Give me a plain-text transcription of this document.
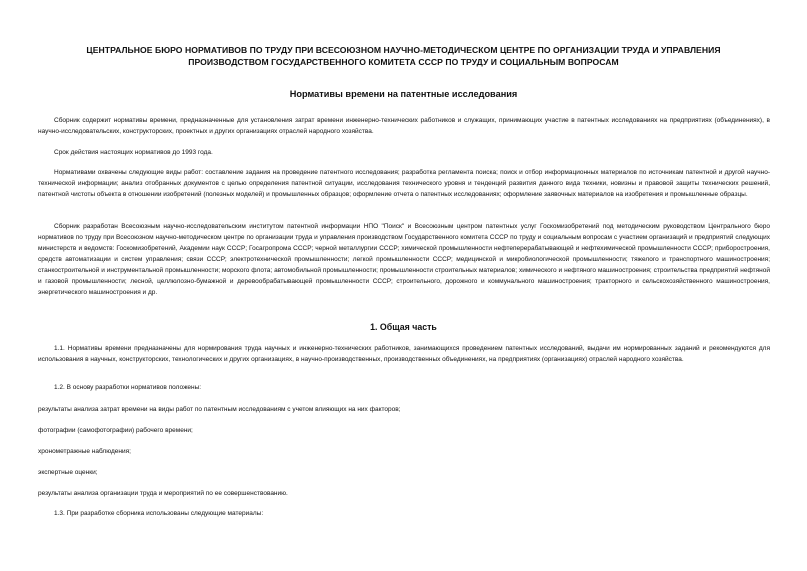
ЦЕНТРАЛЬНОЕ БЮРО НОРМАТИВОВ ПО ТРУДУ ПРИ ВСЕСОЮЗНОМ НАУЧНО-МЕТОДИЧЕСКОМ ЦЕНТРЕ ПО ОРГАНИЗАЦИИ ТРУДА И УПРАВЛЕНИЯ
ПРОИЗВОДСТВОМ ГОСУДАРСТВЕННОГО КОМИТЕТА СССР ПО ТРУДУ И СОЦИАЛЬНЫМ ВОПРОСАМ
Нормативы времени на патентные исследования

Сборник содержит нормативы времени, предназначенные для установления затрат времени инженерно-технических работников и служащих, принимающих участие в патентных исследованиях на предприятиях (объединениях), в научно-исследовательских, конструкторских, проектных и других организациях отраслей народного хозяйства.

Срок действия настоящих нормативов до 1993 года.

Нормативами охвачены следующие виды работ: составление задания на проведение патентного исследования; разработка регламента поиска; поиск и отбор информационных материалов по источникам патентной и другой научно-технической информации; анализ отобранных документов с целью определения патентной ситуации, исследования технического уровня и тенденций развития данного вида техники, новизны и правовой защиты технических решений, патентной чистоты объекта в отношении изобретений (полезных моделей) и промышленных образцов; оформление отчета о патентных исследованиях; оформление заявочных материалов на изобретения и промышленные образцы.

Сборник разработан Всесоюзным научно-исследовательским институтом патентной информации НПО "Поиск" и Всесоюзным центром патентных услуг Госкомизобретений под методическим руководством Центрального бюро нормативов по труду при Всесоюзном научно-методическом центре по организации труда и управления производством Государственного комитета СССР по труду и социальным вопросам с участием организаций и предприятий следующих министерств и ведомств: Госкомизобретений, Академии наук СССР; Госагропрома СССР; черной металлургии СССР; химической промышленности нефтеперерабатывающей и нефтехимической промышленности СССР; приборостроения, средств автоматизации и систем управления; связи СССР; электротехнической промышленности; легкой промышленности СССР; медицинской и микробиологической промышленности; тяжелого и транспортного машиностроения; станкостроительной и инструментальной промышленности; морского флота; автомобильной промышленности; промышленности строительных материалов; химического и нефтяного машиностроения; строительства предприятий нефтяной и газовой промышленности; лесной, целлюлозно-бумажной и деревообрабатывающей промышленности СССР; строительного, дорожного и коммунального машиностроения; тракторного и сельскохозяйственного машиностроения, энергетического машиностроения и др.

1. Общая часть

1.1. Нормативы времени предназначены для нормирования труда научных и инженерно-технических работников, занимающихся проведением патентных исследований, выдачи им нормированных заданий и рекомендуются для использования в научных, конструкторских, технологических и других организациях, в научно-производственных, производственных объединениях, на предприятиях (организациях) отраслей народного хозяйства.

1.2. В основу разработки нормативов положены:

результаты анализа затрат времени на виды работ по патентным исследованиям с учетом влияющих на них факторов;

фотографии (самофотографии) рабочего времени;

хронометражные наблюдения;

экспертные оценки;

результаты анализа организации труда и мероприятий по ее совершенствованию.

1.3. При разработке сборника использованы следующие материалы:
